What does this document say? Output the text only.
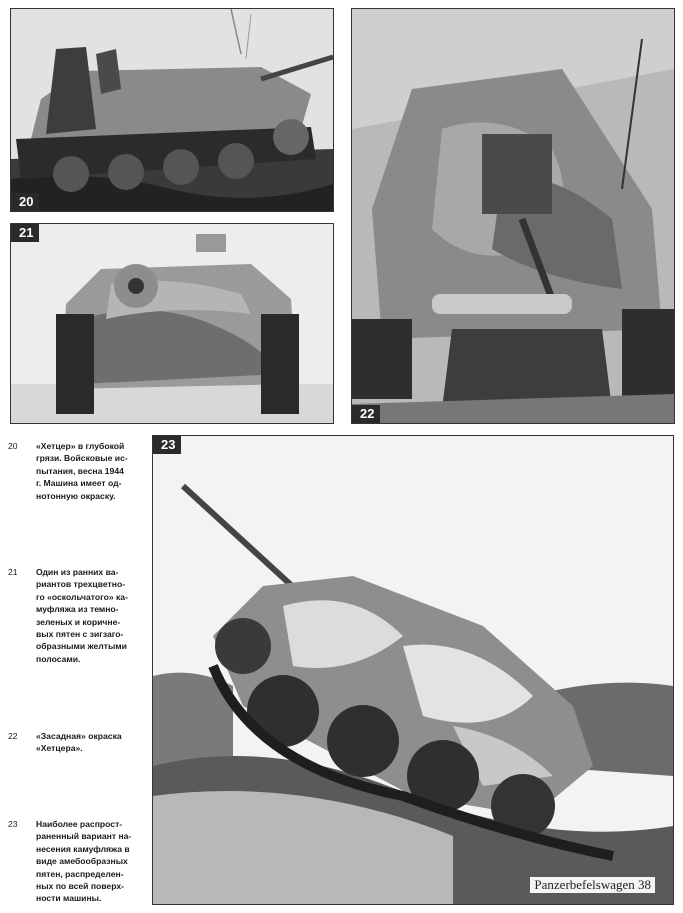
20
21
22
23
Panzerbefelswagen 38
20 «Хетцер» в глубокой
грязи. Войсковые ис-
пытания, весна 1944
г. Машина имеет од-
нотонную окраску.
21 Один из ранних ва-
риантов трехцветно-
го «оскольчатого» ка-
муфляжа из темно-
зеленых и коричне-
вых пятен с зигзаго-
образными желтыми
полосами.
22 «Засадная» окраска
«Хетцера».
23 Наиболее распрост-
раненный вариант на-
несения камуфляжа в
виде амебообразных
пятен, распределен-
ных по всей поверх-
ности машины.
